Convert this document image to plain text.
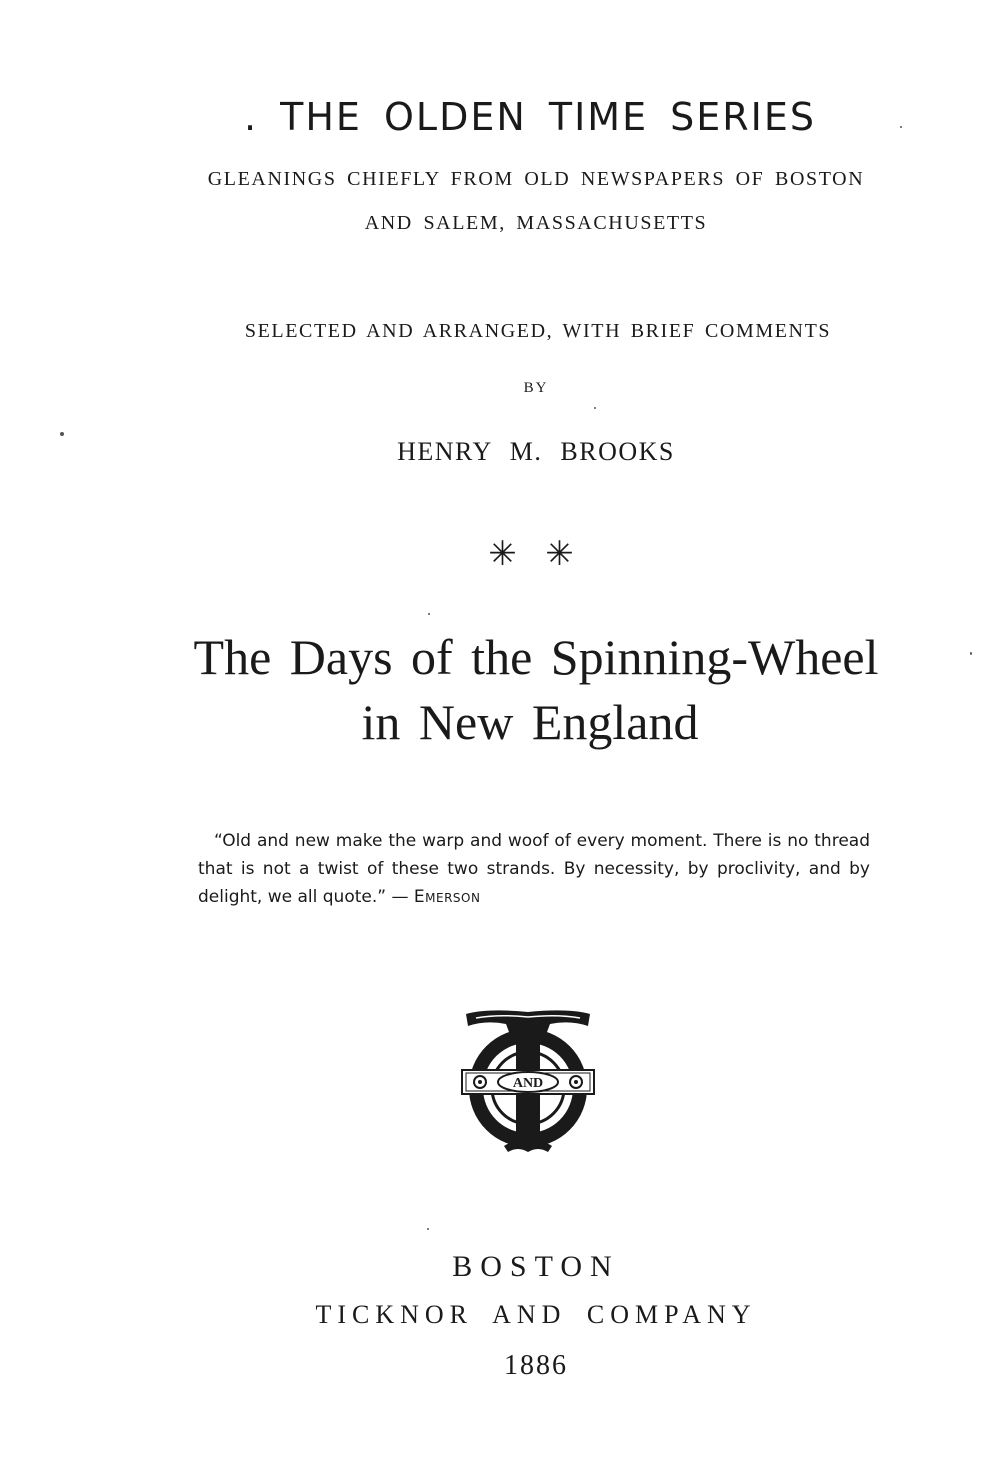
. THE OLDEN TIME SERIES
GLEANINGS CHIEFLY FROM OLD NEWSPAPERS OF BOSTON
AND SALEM, MASSACHUSETTS
SELECTED AND ARRANGED, WITH BRIEF COMMENTS
BY
HENRY M. BROOKS
✳ ✳
The Days of the Spinning-Wheel
in New England
“Old and new make the warp and woof of every moment. There is no thread that is not a twist of these two strands. By necessity, by proclivity, and by delight, we all quote.” — Emerson
AND
BOSTON
TICKNOR AND COMPANY
1886
